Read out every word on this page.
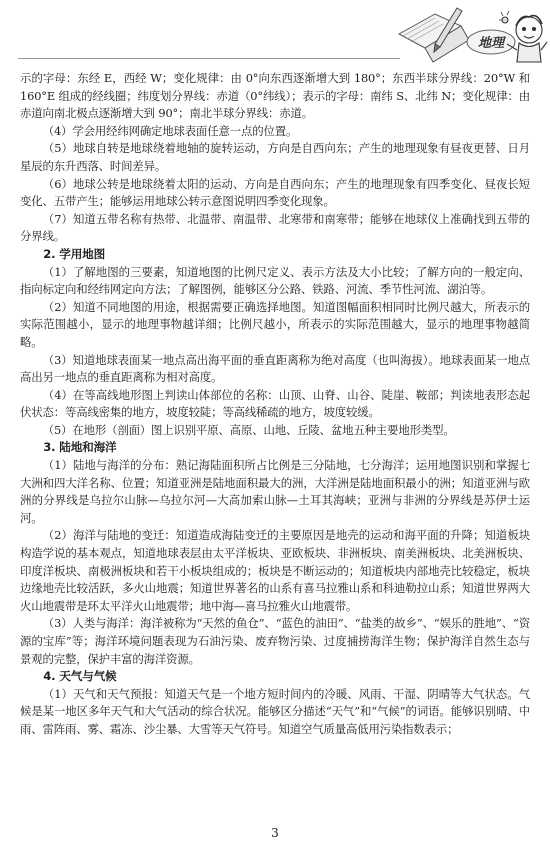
地理

示的字母：东经 E，西经 W；变化规律：由 0°向东西逐渐增大到 180°；东西半球分界线：20°W 和 160°E 组成的经线圈；纬度划分界线：赤道（0°纬线）；表示的字母：南纬 S、北纬 N；变化规律：由赤道向南北极点逐渐增大到 90°；南北半球分界线：赤道。

（4）学会用经纬网确定地球表面任意一点的位置。

（5）地球自转是地球绕着地轴的旋转运动，方向是自西向东；产生的地理现象有昼夜更替、日月星辰的东升西落、时间差异。

（6）地球公转是地球绕着太阳的运动、方向是自西向东；产生的地理现象有四季变化、昼夜长短变化、五带产生；能够运用地球公转示意图说明四季变化现象。

（7）知道五带名称有热带、北温带、南温带、北寒带和南寒带；能够在地球仪上准确找到五带的分界线。

2. 学用地图

（1）了解地图的三要素，知道地图的比例尺定义、表示方法及大小比较；了解方向的一般定向、指向标定向和经纬网定向方法；了解图例，能够区分公路、铁路、河流、季节性河流、湖泊等。

（2）知道不同地图的用途，根据需要正确选择地图。知道图幅面积相同时比例尺越大，所表示的实际范围越小，显示的地理事物越详细；比例尺越小，所表示的实际范围越大，显示的地理事物越简略。

（3）知道地球表面某一地点高出海平面的垂直距离称为绝对高度（也叫海拔）。地球表面某一地点高出另一地点的垂直距离称为相对高度。

（4）在等高线地形图上判读山体部位的名称：山顶、山脊、山谷、陡崖、鞍部；判读地表形态起伏状态：等高线密集的地方，坡度较陡；等高线稀疏的地方，坡度较缓。

（5）在地形（剖面）图上识别平原、高原、山地、丘陵、盆地五种主要地形类型。

3. 陆地和海洋

（1）陆地与海洋的分布：熟记海陆面积所占比例是三分陆地，七分海洋；运用地图识别和掌握七大洲和四大洋名称、位置；知道亚洲是陆地面积最大的洲，大洋洲是陆地面积最小的洲；知道亚洲与欧洲的分界线是乌拉尔山脉—乌拉尔河—大高加索山脉—土耳其海峡；亚洲与非洲的分界线是苏伊士运河。

（2）海洋与陆地的变迁：知道造成海陆变迁的主要原因是地壳的运动和海平面的升降；知道板块构造学说的基本观点，知道地球表层由太平洋板块、亚欧板块、非洲板块、南美洲板块、北美洲板块、印度洋板块、南极洲板块和若干小板块组成的；板块是不断运动的；知道板块内部地壳比较稳定，板块边缘地壳比较活跃，多火山地震；知道世界著名的山系有喜马拉雅山系和科迪勒拉山系；知道世界两大火山地震带是环太平洋火山地震带；地中海—喜马拉雅火山地震带。

（3）人类与海洋：海洋被称为“天然的鱼仓”、“蓝色的油田”、“盐类的故乡”、“娱乐的胜地”、“资源的宝库”等；海洋环境问题表现为石油污染、废弃物污染、过度捕捞海洋生物；保护海洋自然生态与景观的完整，保护丰富的海洋资源。

4. 天气与气候

（1）天气和天气预报：知道天气是一个地方短时间内的冷暖、风雨、干湿、阴晴等大气状态。气候是某一地区多年天气和大气活动的综合状况。能够区分描述“天气”和“气候”的词语。能够识别晴、中雨、雷阵雨、雾、霜冻、沙尘暴、大雪等天气符号。知道空气质量高低用污染指数表示；

3
